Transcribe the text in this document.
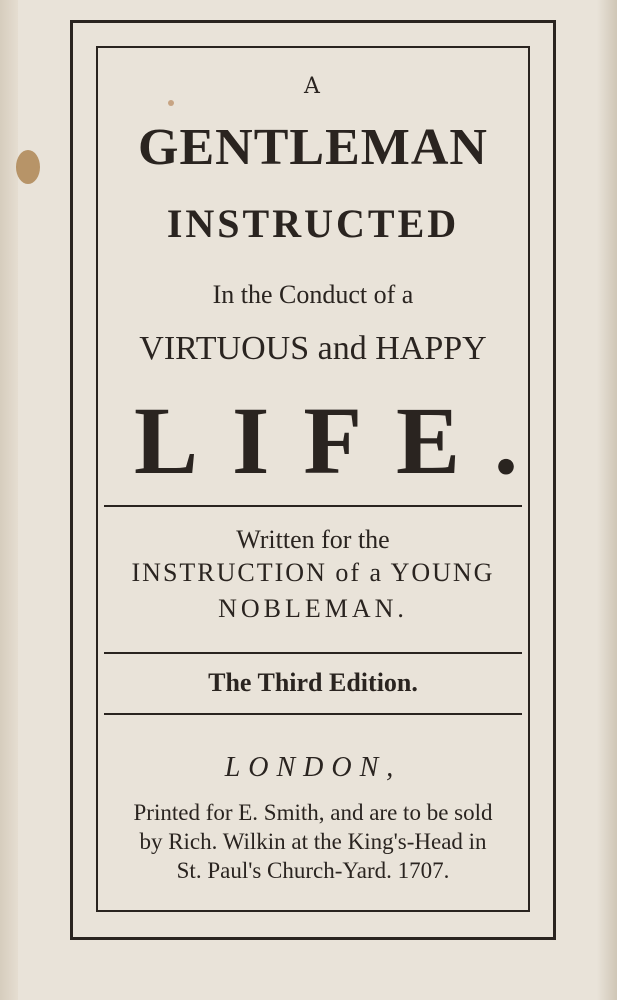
A
GENTLEMAN
INSTRUCTED
In the Conduct of a
VIRTUOUS and HAPPY
LIFE.
Written for the
INSTRUCTION of a YOUNG
NOBLEMAN.
The Third Edition.
LONDON,
Printed for E. Smith, and are to be sold
by Rich. Wilkin at the King's-Head in
St. Paul's Church-Yard. 1707.
